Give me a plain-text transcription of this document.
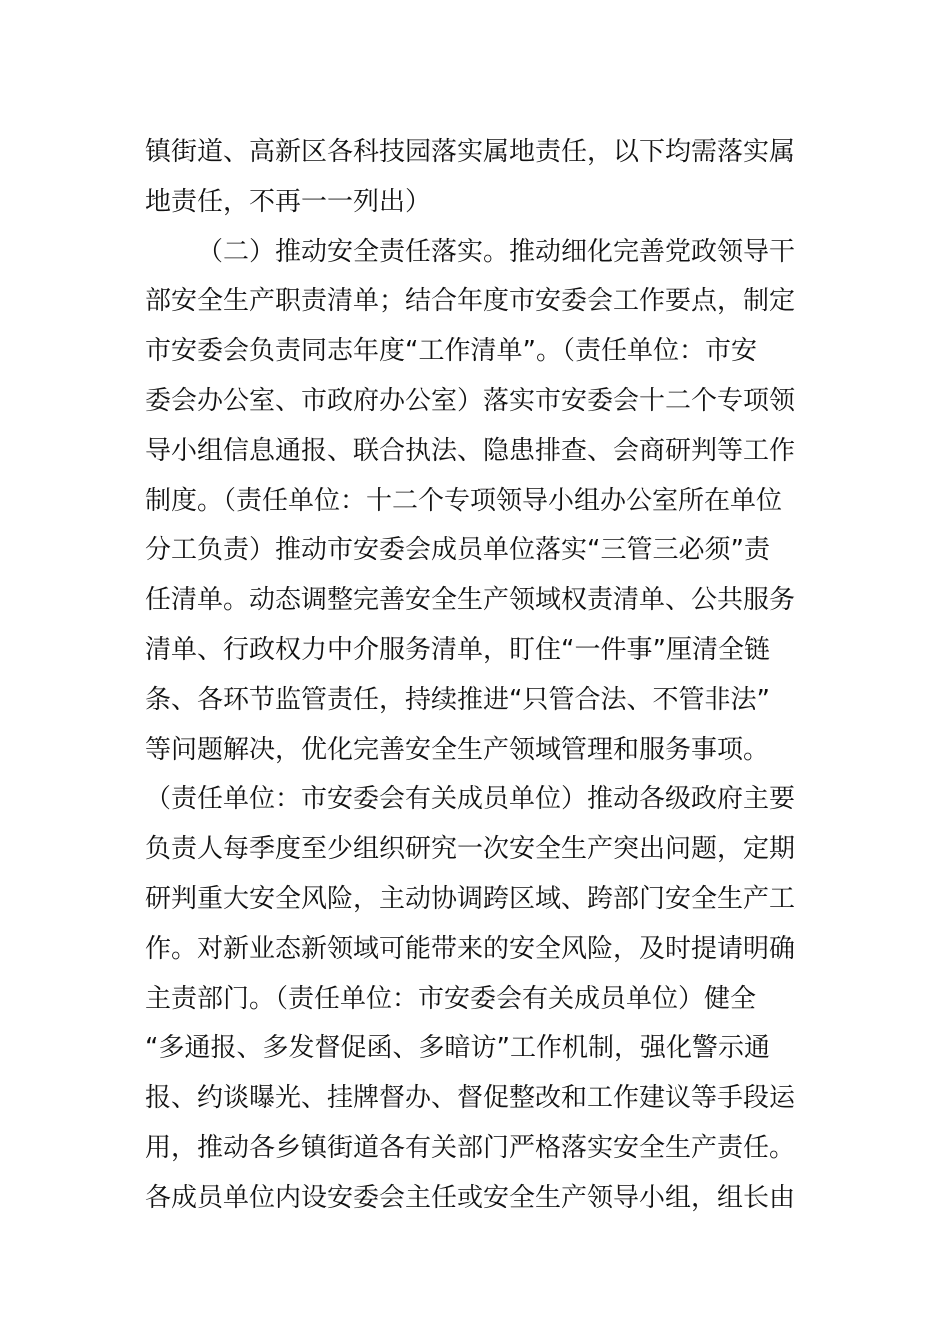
镇街道、高新区各科技园落实属地责任，以下均需落实属
地责任，不再一一列出）
（二）推动安全责任落实。推动细化完善党政领导干
部安全生产职责清单；结合年度市安委会工作要点，制定
市安委会负责同志年度“工作清单”。（责任单位：市安
委会办公室、市政府办公室）落实市安委会十二个专项领
导小组信息通报、联合执法、隐患排查、会商研判等工作
制度。（责任单位：十二个专项领导小组办公室所在单位
分工负责）推动市安委会成员单位落实“三管三必须”责
任清单。动态调整完善安全生产领域权责清单、公共服务
清单、行政权力中介服务清单，盯住“一件事”厘清全链
条、各环节监管责任，持续推进“只管合法、不管非法”
等问题解决，优化完善安全生产领域管理和服务事项。
（责任单位：市安委会有关成员单位）推动各级政府主要
负责人每季度至少组织研究一次安全生产突出问题，定期
研判重大安全风险，主动协调跨区域、跨部门安全生产工
作。对新业态新领域可能带来的安全风险，及时提请明确
主责部门。（责任单位：市安委会有关成员单位）健全
“多通报、多发督促函、多暗访”工作机制，强化警示通
报、约谈曝光、挂牌督办、督促整改和工作建议等手段运
用，推动各乡镇街道各有关部门严格落实安全生产责任。
各成员单位内设安委会主任或安全生产领导小组，组长由
